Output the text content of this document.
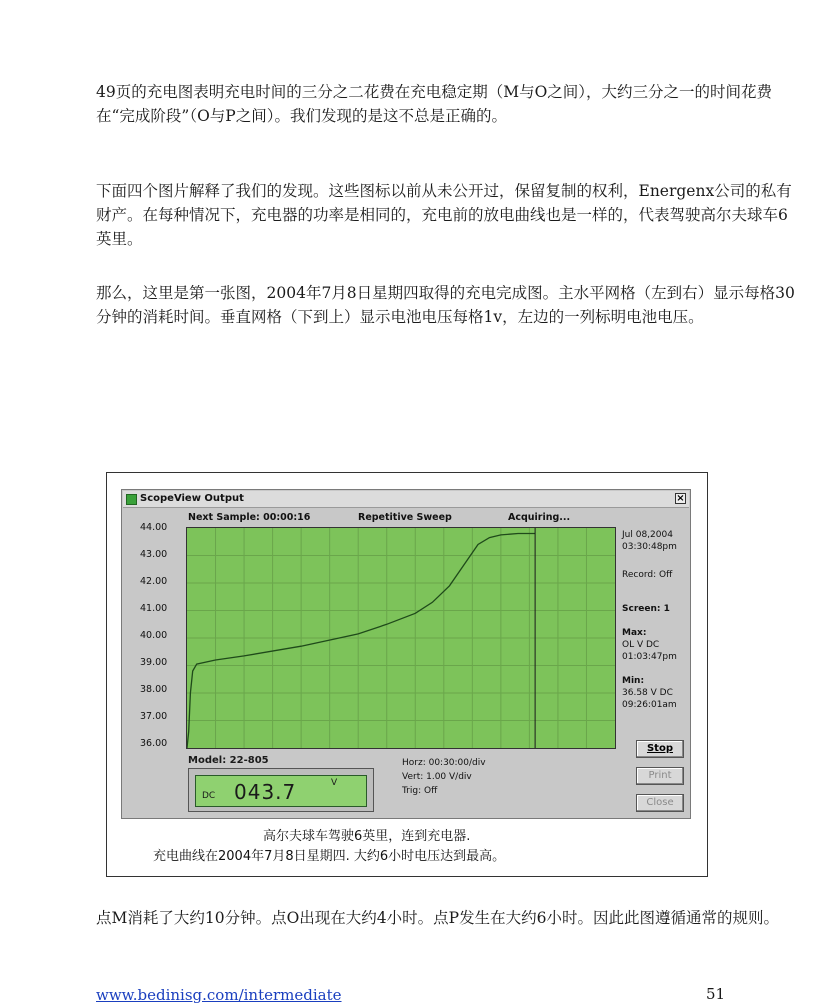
49页的充电图表明充电时间的三分之二花费在充电稳定期（M与O之间），大约三分之一的时间花费在“完成阶段”（O与P之间）。我们发现的是这不总是正确的。

下面四个图片解释了我们的发现。这些图标以前从未公开过，保留复制的权利，Energenx公司的私有财产。在每种情况下，充电器的功率是相同的，充电前的放电曲线也是一样的，代表驾驶高尔夫球车6英里。

那么，这里是第一张图，2004年7月8日星期四取得的充电完成图。主水平网格（左到右）显示每格30分钟的消耗时间。垂直网格（下到上）显示电池电压每格1v，左边的一列标明电池电压。

ScopeView Output	×
Next Sample: 00:00:16	Repetitive Sweep	Acquiring...
44.00
43.00
42.00
41.00
40.00
39.00
38.00
37.00
36.00
Jul 08,2004
03:30:48pm
Record: Off
Screen: 1
Max:
OL V DC
01:03:47pm
Min:
36.58 V DC
09:26:01am
Model: 22-805
DC 043.7	V
Horz: 00:30:00/div
Vert: 1.00 V/div
Trig: Off
Stop
Print
Close
高尔夫球车驾驶6英里，连到充电器.
充电曲线在2004年7月8日星期四. 大约6小时电压达到最高。

点M消耗了大约10分钟。点O出现在大约4小时。点P发生在大约6小时。因此此图遵循通常的规则。

www.bedinisg.com/intermediate	51
